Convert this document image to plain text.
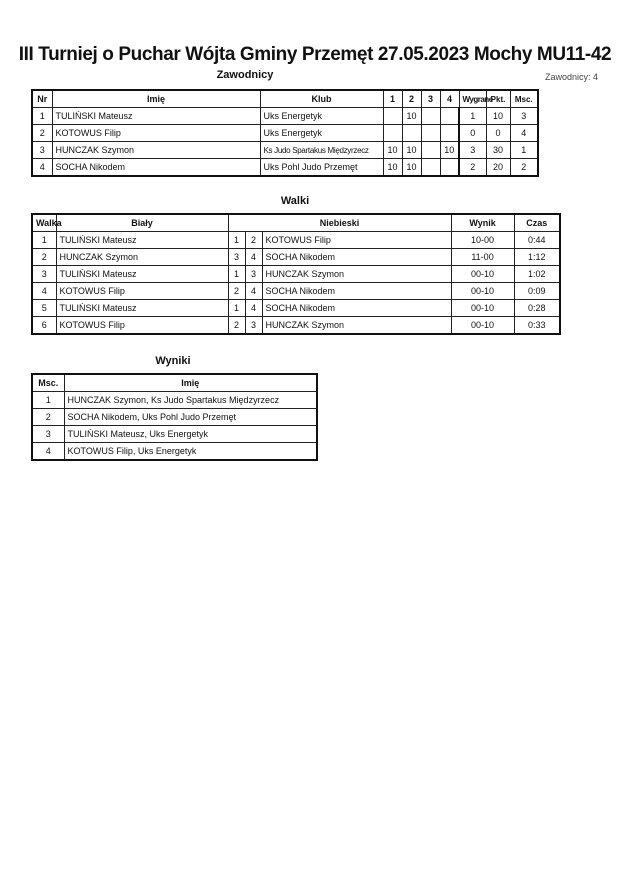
III Turniej o Puchar Wójta Gminy Przemęt 27.05.2023 Mochy MU11-42
Zawodnicy	Zawodnicy: 4
Nr	Imię	Klub	1	2	3	4	Wygrane	Pkt.	Msc.
1	TULIŃSKI Mateusz	Uks Energetyk		10			1	10	3
2	KOTOWUS Filip	Uks Energetyk					0	0	4
3	HUNCZAK Szymon	Ks Judo Spartakus Międzyrzecz	10	10		10	3	30	1
4	SOCHA Nikodem	Uks Pohl Judo Przemęt	10	10			2	20	2
Walki
Walka	Biały	Niebieski			Wynik	Czas
1	TULIŃSKI Mateusz	1	2	KOTOWUS Filip	10-00	0:44
2	HUNCZAK Szymon	3	4	SOCHA Nikodem	11-00	1:12
3	TULIŃSKI Mateusz	1	3	HUNCZAK Szymon	00-10	1:02
4	KOTOWUS Filip	2	4	SOCHA Nikodem	00-10	0:09
5	TULIŃSKI Mateusz	1	4	SOCHA Nikodem	00-10	0:28
6	KOTOWUS Filip	2	3	HUNCZAK Szymon	00-10	0:33
Wyniki
Msc.	Imię
1	HUNCZAK Szymon, Ks Judo Spartakus Międzyrzecz
2	SOCHA Nikodem, Uks Pohl Judo Przemęt
3	TULIŃSKI Mateusz, Uks Energetyk
4	KOTOWUS Filip, Uks Energetyk
